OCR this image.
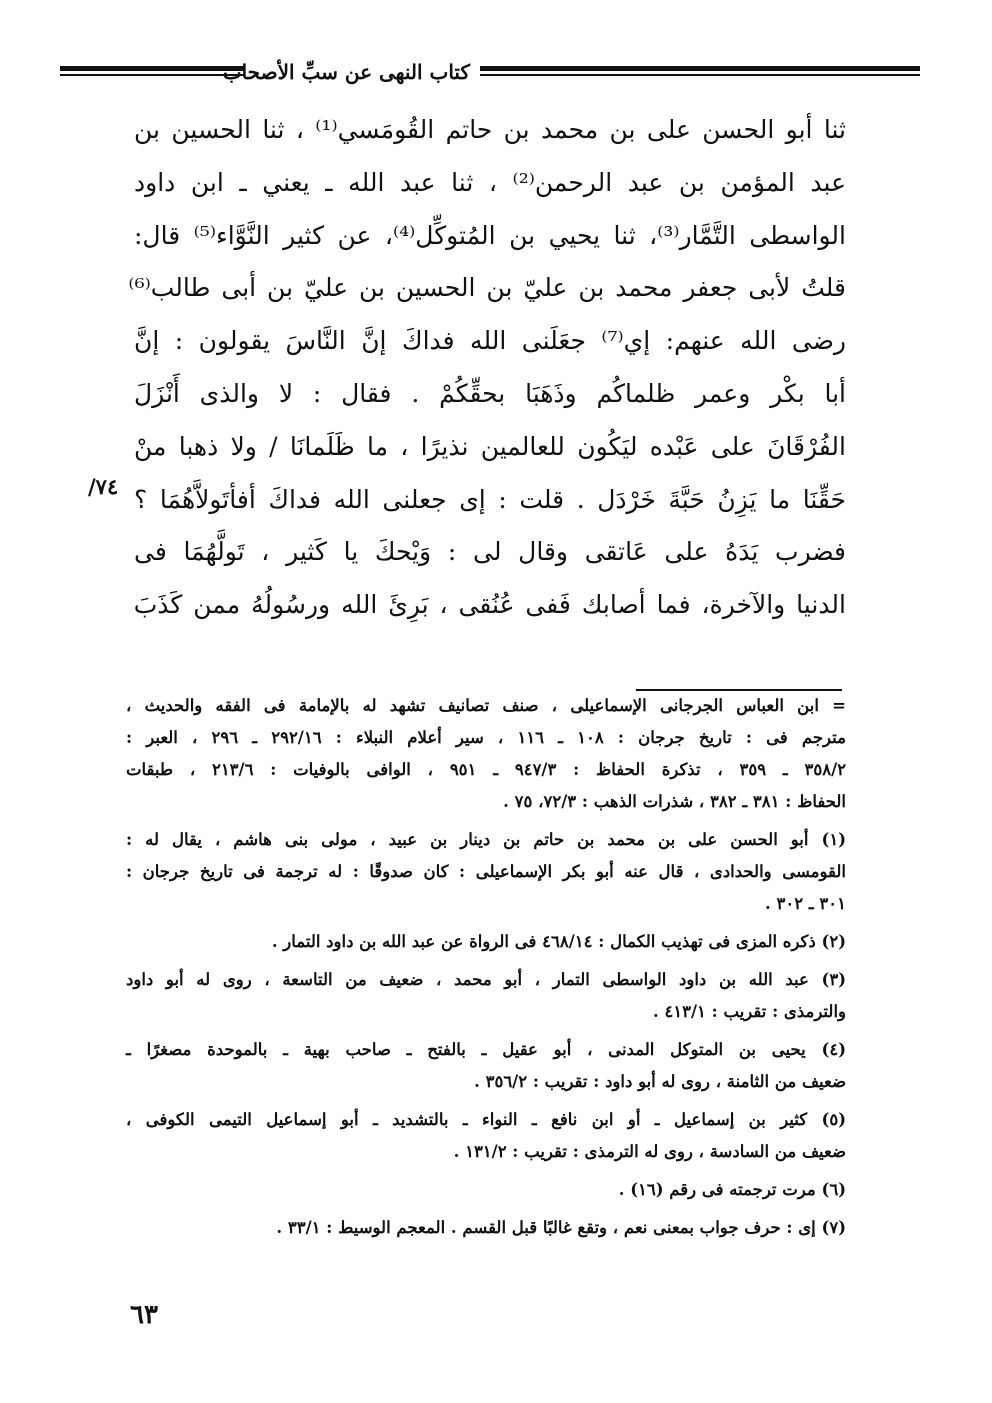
كتاب النهى عن سبِّ الأصحاب
ثنا أبو الحسن على بن محمد بن حاتم القُومَسي⁽¹⁾ ، ثنا الحسين بن
عبد المؤمن بن عبد الرحمن⁽²⁾ ، ثنا عبد الله ـ يعني ـ ابن داود
الواسطى التَّمَّار⁽³⁾، ثنا يحيي بن المُتوكِّل⁽⁴⁾، عن كثير النَّوَّاء⁽⁵⁾ قال:
قلتُ لأبى جعفر محمد بن عليّ بن الحسين بن عليّ بن أبى طالب⁽⁶⁾
رضى الله عنهم: إي⁽⁷⁾ جعَلَنى الله فداكَ إنَّ النَّاسَ يقولون : إنَّ
أبا بكْر وعمر ظلماكُم وذَهَبَا بحقِّكُمْ . فقال : لا والذى أَنْزَلَ
الفُرْقَانَ على عَبْده ليَكُون للعالمين نذيرًا ، ما ظَلَمانَا / ولا ذهبا منْ
حَقِّنَا ما يَزِنُ حَبَّةَ خَرْدَل . قلت : إى جعلنى الله فداكَ أفأتَولاَّهُمَا ؟
فضرب يَدَهُ على عَاتقى وقال لى : وَيْحكَ يا كَثير ، تَولَّهُمَا فى
الدنيا والآخرة، فما أصابك فَفى عُنُقى ، بَرِئَ الله ورسُولُهُ ممن كَذَبَ
/٧٤
= ابن العباس الجرجانى الإسماعيلى ، صنف تصانيف تشهد له بالإمامة فى الفقه والحديث ،
مترجم فى : تاريخ جرجان : ١٠٨ ـ ١١٦ ، سير أعلام النبلاء : ٢٩٢/١٦ ـ ٢٩٦ ، العبر :
٣٥٨/٢ ـ ٣٥٩ ، تذكرة الحفاظ : ٩٤٧/٣ ـ ٩٥١ ، الوافى بالوفيات : ٢١٣/٦ ، طبقات
الحفاظ : ٣٨١ ـ ٣٨٢ ، شذرات الذهب : ٧٢/٣، ٧٥ .
(١) أبو الحسن على بن محمد بن حاتم بن دينار بن عبيد ، مولى بنى هاشم ، يقال له :
القومسى والحدادى ، قال عنه أبو بكر الإسماعيلى : كان صدوقًا : له ترجمة فى تاريخ جرجان :
٣٠١ ـ ٣٠٢ .
(٢) ذكره المزى فى تهذيب الكمال : ٤٦٨/١٤ فى الرواة عن عبد الله بن داود التمار .
(٣) عبد الله بن داود الواسطى التمار ، أبو محمد ، ضعيف من التاسعة ، روى له أبو داود
والترمذى : تقريب : ٤١٣/١ .
(٤) يحيى بن المتوكل المدنى ، أبو عقيل ـ بالفتح ـ صاحب بهية ـ بالموحدة مصغرًا ـ
ضعيف من الثامنة ، روى له أبو داود : تقريب : ٣٥٦/٢ .
(٥) كثير بن إسماعيل ـ أو ابن نافع ـ النواء ـ بالتشديد ـ أبو إسماعيل التيمى الكوفى ،
ضعيف من السادسة ، روى له الترمذى : تقريب : ١٣١/٢ .
(٦) مرت ترجمته فى رقم (١٦) .
(٧) إى : حرف جواب بمعنى نعم ، وتقع غالبًا قبل القسم . المعجم الوسيط : ٣٣/١ .
٦٣
